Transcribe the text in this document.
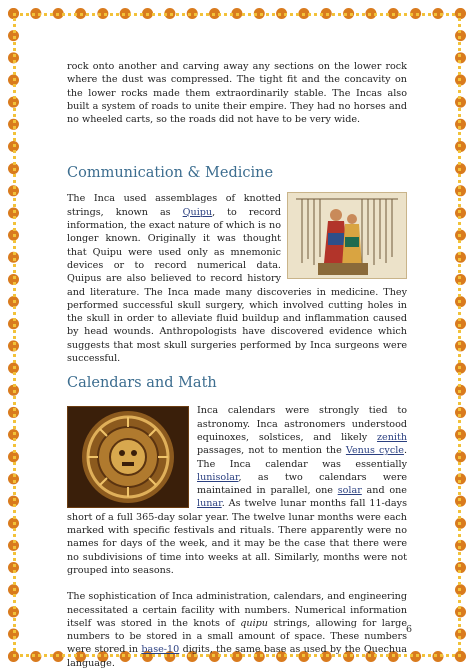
rock onto another and carving away any sections on the lower rock where the dust was compressed. The tight fit and the concavity on the lower rocks made them extraordinarily stable. The Incas also built a system of roads to unite their empire. They had no horses and no wheeled carts, so the roads did not have to be very wide.

Communication & Medicine

The Inca used assemblages of knotted strings, known as Quipu, to record information, the exact nature of which is no longer known. Originally it was thought that Quipu were used only as mnemonic devices or to record numerical data. Quipus are also believed to record history and literature. The Inca made many discoveries in medicine. They performed successful skull surgery, which involved cutting holes in the skull in order to alleviate fluid buildup and inflammation caused by head wounds. Anthropologists have discovered evidence which suggests that most skull surgeries performed by Inca surgeons were successful.

Calendars and Math

Inca calendars were strongly tied to astronomy. Inca astronomers understood equinoxes, solstices, and likely zenith passages, not to mention the Venus cycle. The Inca calendar was essentially lunisolar, as two calendars were maintained in parallel, one solar and one lunar. As twelve lunar months fall 11-days short of a full 365-day solar year. The twelve lunar months were each marked with specific festivals and rituals. There apparently were no names for days of the week, and it may be the case that there were no subdivisions of time into weeks at all. Similarly, months were not grouped into seasons.

The sophistication of Inca administration, calendars, and engineering necessitated a certain facility with numbers. Numerical information itself was stored in the knots of quipu strings, allowing for large numbers to be stored in a small amount of space. These numbers were stored in base-10 digits, the same base as used by the Quechua language.

6
